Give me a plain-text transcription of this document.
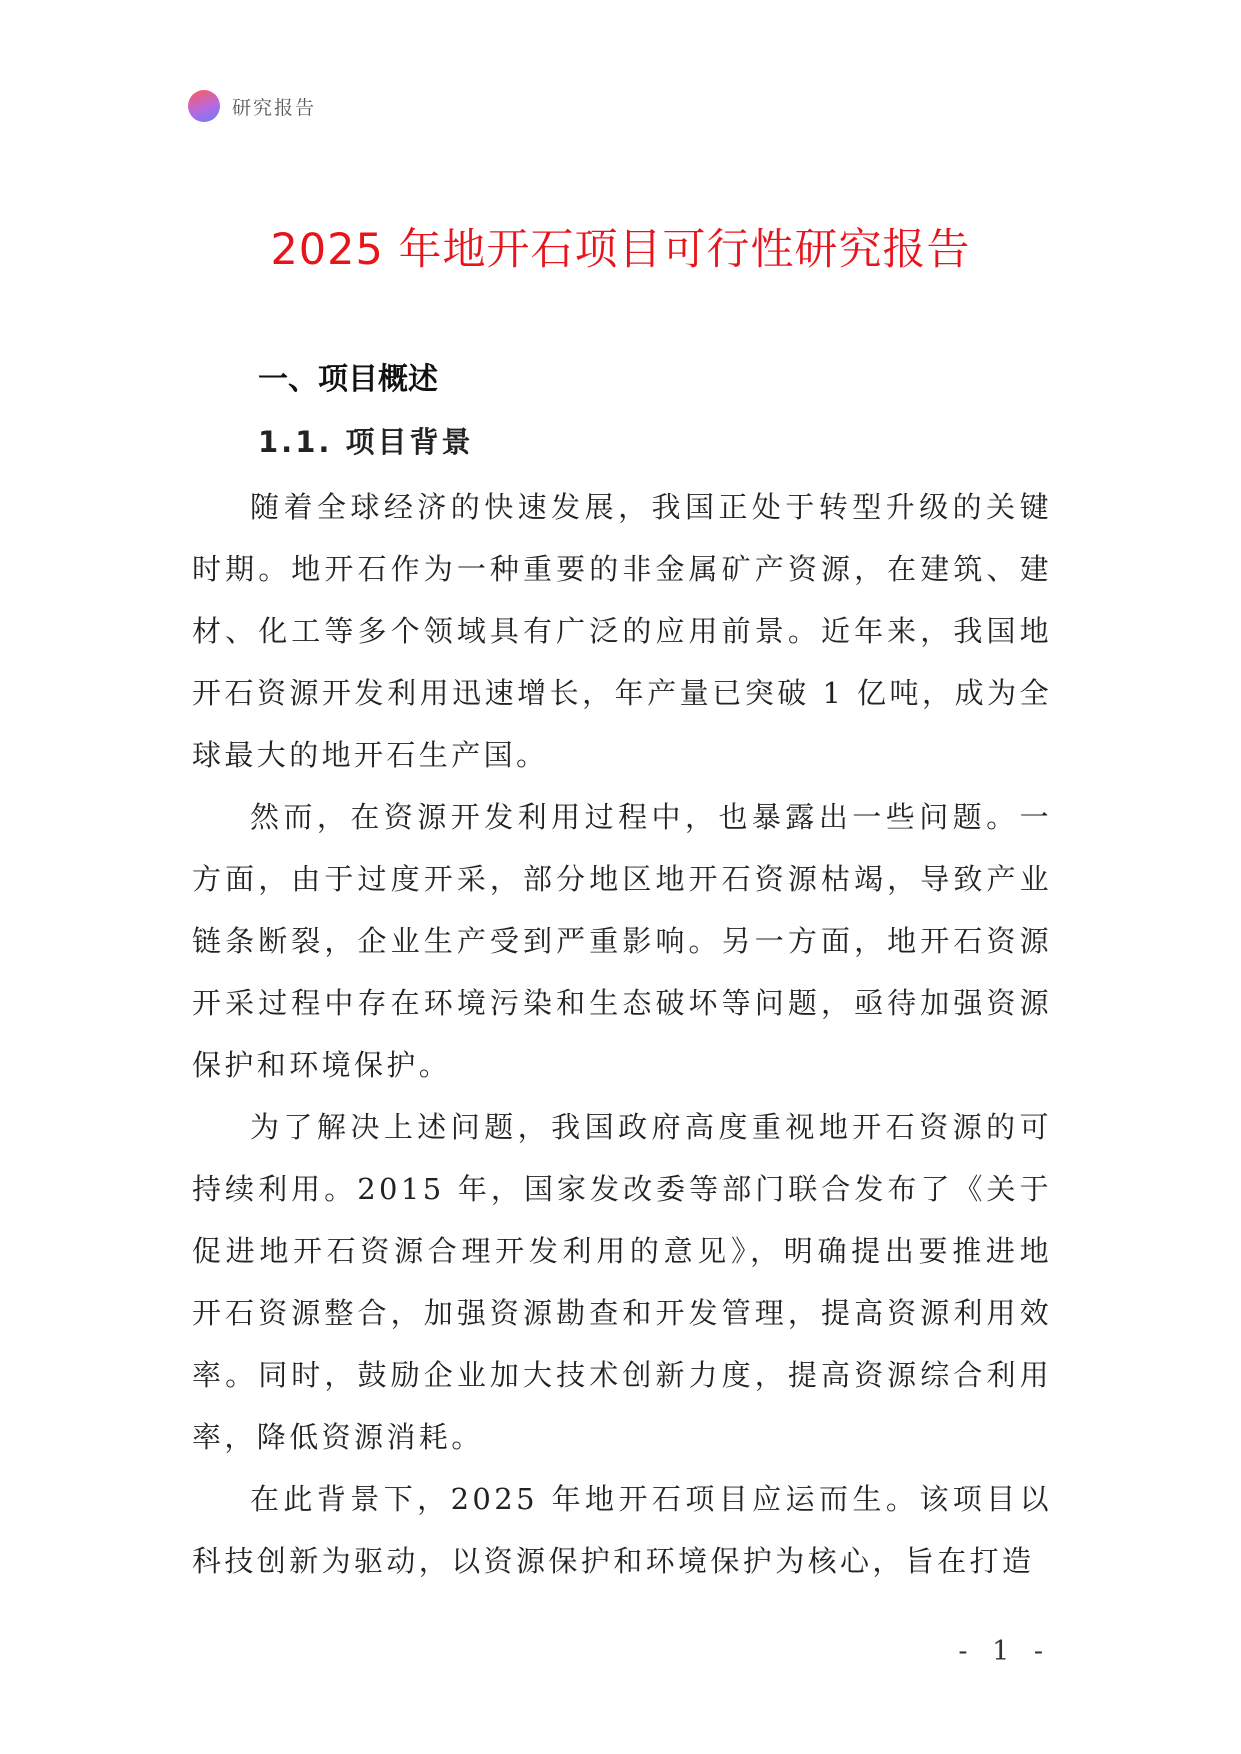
研究报告
2025 年地开石项目可行性研究报告
一、项目概述
1.1. 项目背景

随着全球经济的快速发展，我国正处于转型升级的关键时期。地开石作为一种重要的非金属矿产资源，在建筑、建材、化工等多个领域具有广泛的应用前景。近年来，我国地开石资源开发利用迅速增长，年产量已突破 1 亿吨，成为全球最大的地开石生产国。

然而，在资源开发利用过程中，也暴露出一些问题。一方面，由于过度开采，部分地区地开石资源枯竭，导致产业链条断裂，企业生产受到严重影响。另一方面，地开石资源开采过程中存在环境污染和生态破坏等问题，亟待加强资源保护和环境保护。

为了解决上述问题，我国政府高度重视地开石资源的可持续利用。2015 年，国家发改委等部门联合发布了《关于促进地开石资源合理开发利用的意见》，明确提出要推进地开石资源整合，加强资源勘查和开发管理，提高资源利用效率。同时，鼓励企业加大技术创新力度，提高资源综合利用率，降低资源消耗。

在此背景下，2025 年地开石项目应运而生。该项目以科技创新为驱动，以资源保护和环境保护为核心，旨在打造

- 1 -
